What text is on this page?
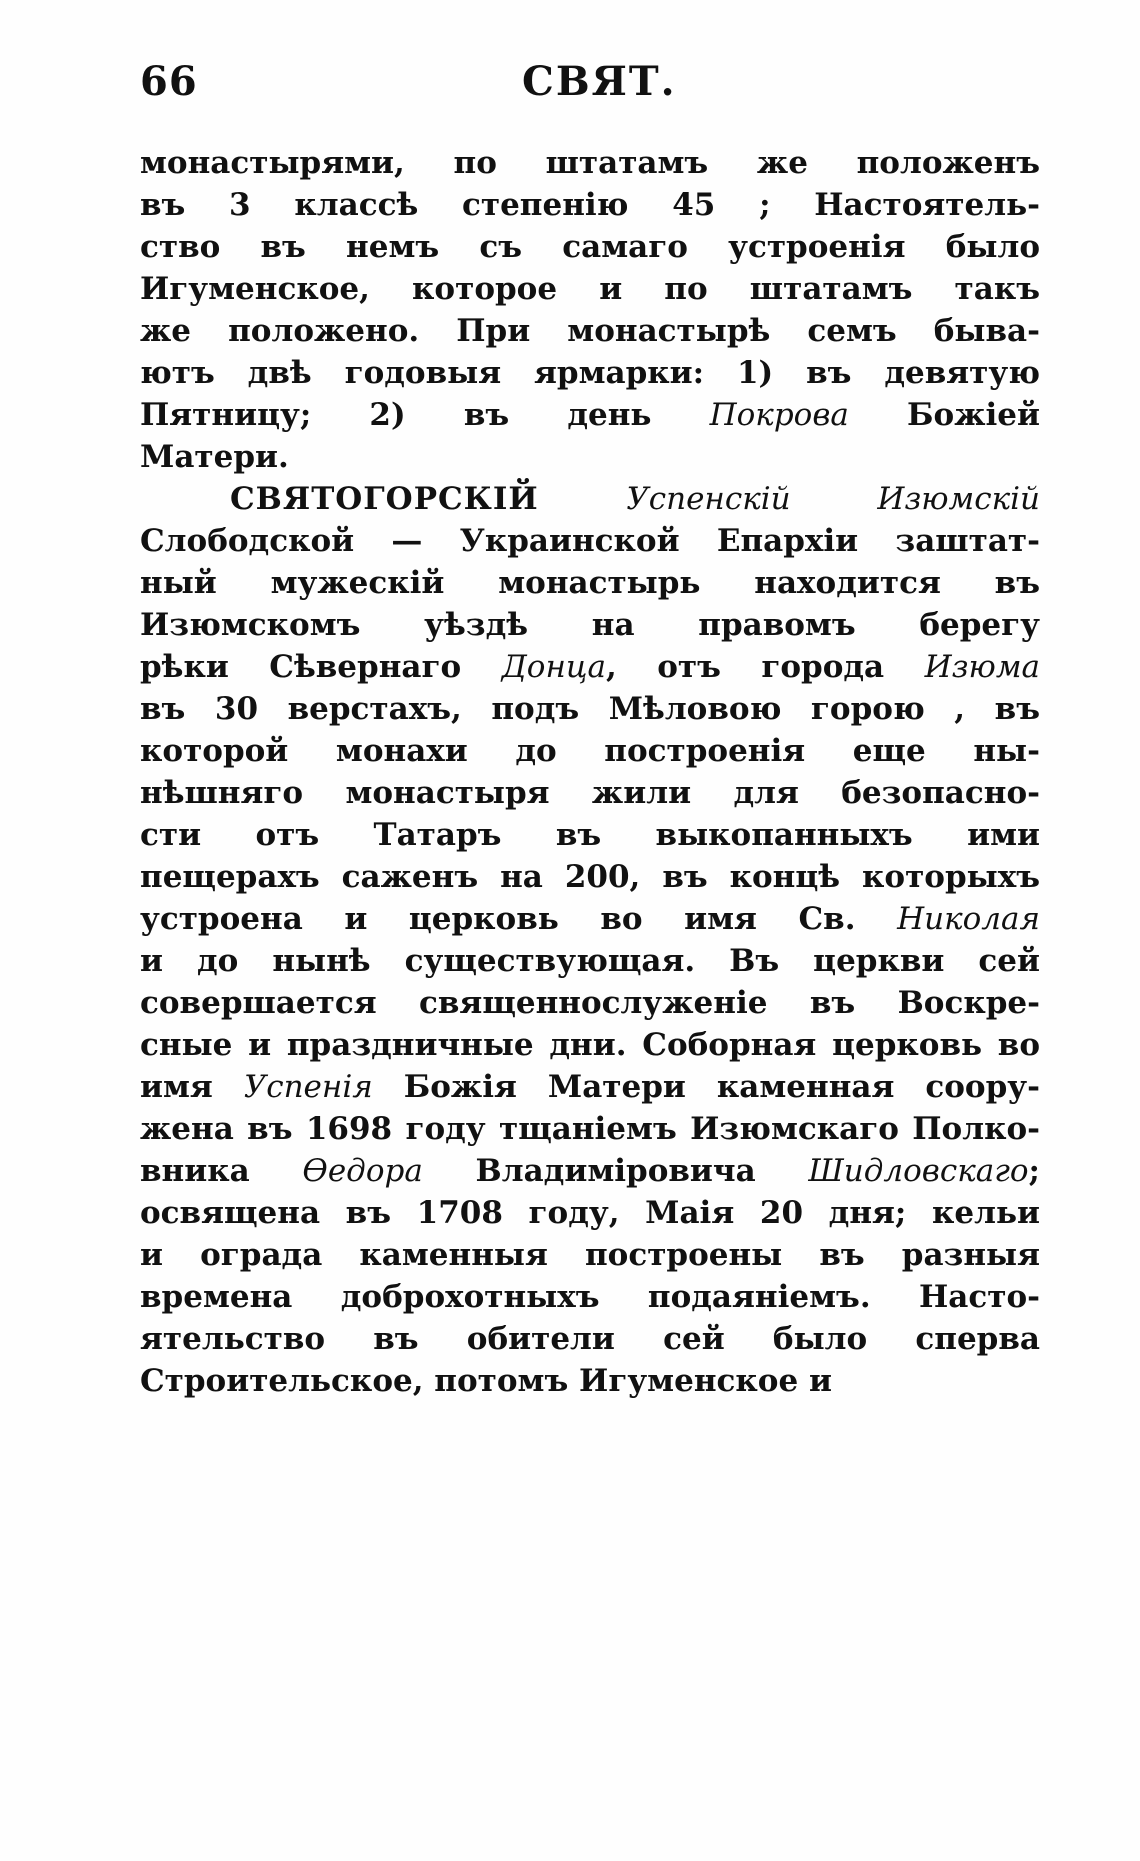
66	СВЯТ.
монастырями, по штатамъ же положенъ
въ 3 классѣ степенію 45 ; Настоятель-
ство въ немъ съ самаго устроенія было
Игуменское, которое и по штатамъ такъ
же положено. При монастырѣ семъ быва-
ютъ двѣ годовыя ярмарки: 1) въ девятую
Пятницу; 2) въ день Покрова Божіей
Матери.
СВЯТОГОРСКІЙ	Успенскій Изюмскій
Слободской — Украинской Епархіи заштат-
ный мужескій монастырь находится въ
Изюмскомъ уѣздѣ на правомъ берегу
рѣки Сѣвернаго Донца, отъ города Изюма
въ 30 верстахъ, подъ Мѣловою горою , въ
которой монахи до построенія еще ны-
нѣшняго монастыря жили для безопасно-
сти отъ Татаръ въ выкопанныхъ ими
пещерахъ саженъ на 200, въ концѣ которыхъ
устроена и церковь во имя Св. Николая
и до нынѣ существующая. Въ церкви сей
совершается священнослуженіе въ Воскре-
сные и праздничные дни. Соборная церковь во
имя Успенія Божія Матери каменная соору-
жена въ 1698 году тщаніемъ Изюмскаго Полко-
вника Өедора Владиміровича Шидловскаго;
освящена въ 1708 году, Маія 20 дня; кельи
и ограда каменныя построены въ разныя
времена доброхотныхъ подаяніемъ. Насто-
ятельство въ обители сей было сперва
Строительское, потомъ Игуменское и
